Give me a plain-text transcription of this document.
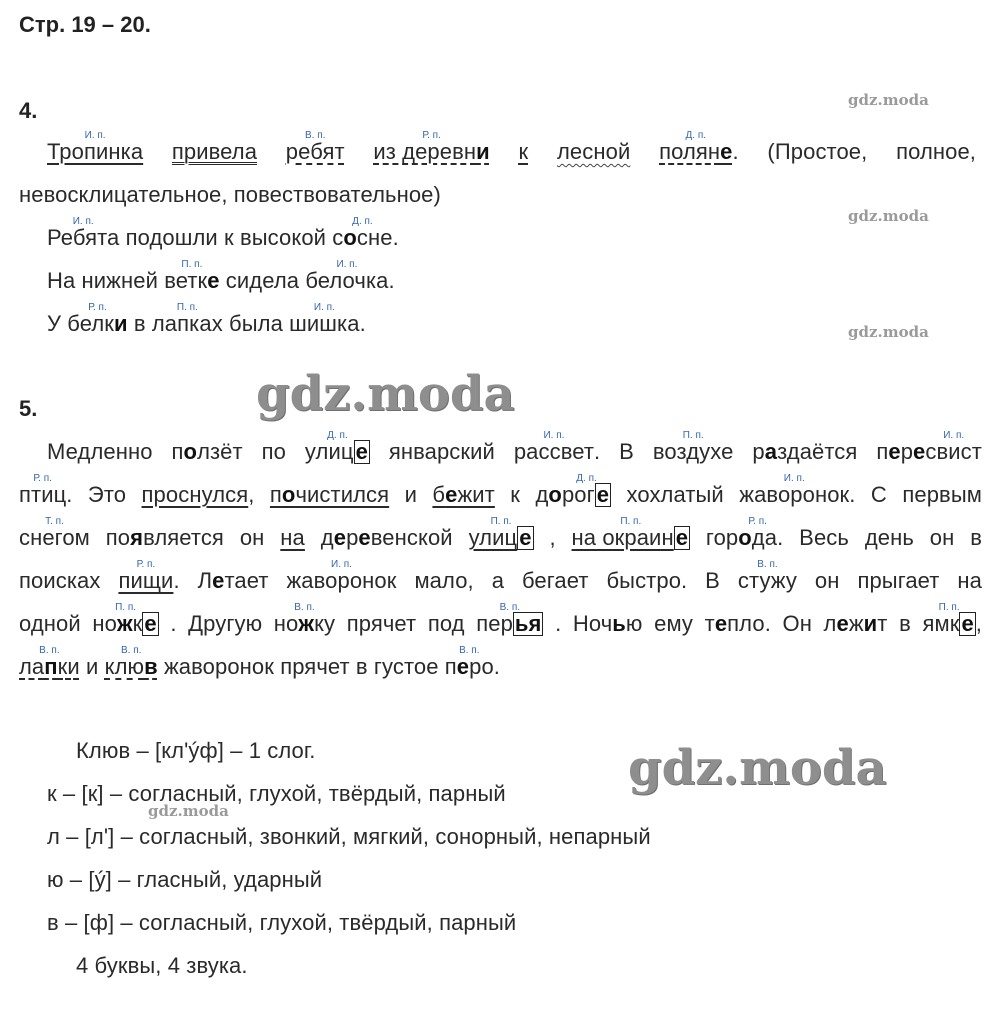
Стр. 19 – 20.
gdz.moda
gdz.moda
gdz.moda
gdz.moda
gdz.moda
gdz.moda
4.
И. п.
Тропинка привела
В. п.
ребят
Р. п.
из деревни к лесной
Д. п.
поляне. (Простое, полное,
невосклицательное, повествовательное)
И. п.
Ребята подошли к высокой
Д. п.
сосне.
На нижней
П. п.
ветке сидела
И. п.
белочка.
У
Р. п.
белки в
П. п.
лапках была
И. п.
шишка.
5.
Медленно ползёт по
Д. п.
улице январский
И. п.
рассвет. В
П. п.
воздухе раздаётся пере
И. п.
свист
Р. п.
птиц. Это проснулся, почистился и бежит к до
Д. п.
роге хохлатый
И. п.
жаворонок. С первым
Т. п.
снегом появляется он на деревенской
П. п.
улице ,
П. п.
на окраине гор
Р. п.
ода. Весь день он в
поисках
Р. п.
пищи. Летает
И. п.
жаворонок мало, а бегает быстро. В
В. п.
стужу он прыгает на
одной
П. п.
ножке . Другую
В. п.
ножку прячет под
В. п.
перья . Ночью ему тепло. Он лежит в
П. п.
ямке,
В. п.
лапки и
В. п.
клюв жаворонок прячет в густое
В. п.
перо.
Клюв – [кл'ýф] – 1 слог.
к – [к] – согласный, глухой, твёрдый, парный
л – [л'] – согласный, звонкий, мягкий, сонорный, непарный
ю – [ý] – гласный, ударный
в – [ф] – согласный, глухой, твёрдый, парный
4 буквы, 4 звука.
